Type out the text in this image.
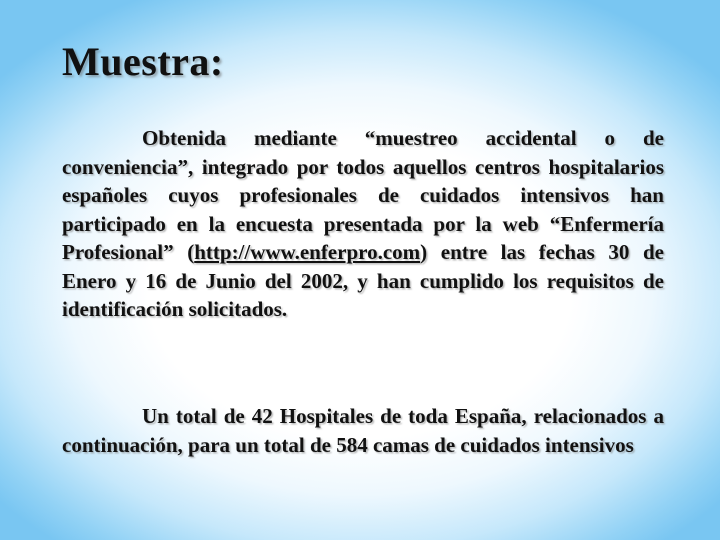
Muestra:

Obtenida mediante “muestreo accidental o de conveniencia”, integrado por todos aquellos centros hospitalarios españoles cuyos profesionales de cuidados intensivos han participado en la encuesta presentada por la web “Enfermería Profesional” (http://www.enferpro.com) entre las fechas 30 de Enero y 16 de Junio del 2002, y han cumplido los requisitos de identificación solicitados.

Un total de 42 Hospitales de toda España, relacionados a continuación, para un total de 584 camas de cuidados intensivos
